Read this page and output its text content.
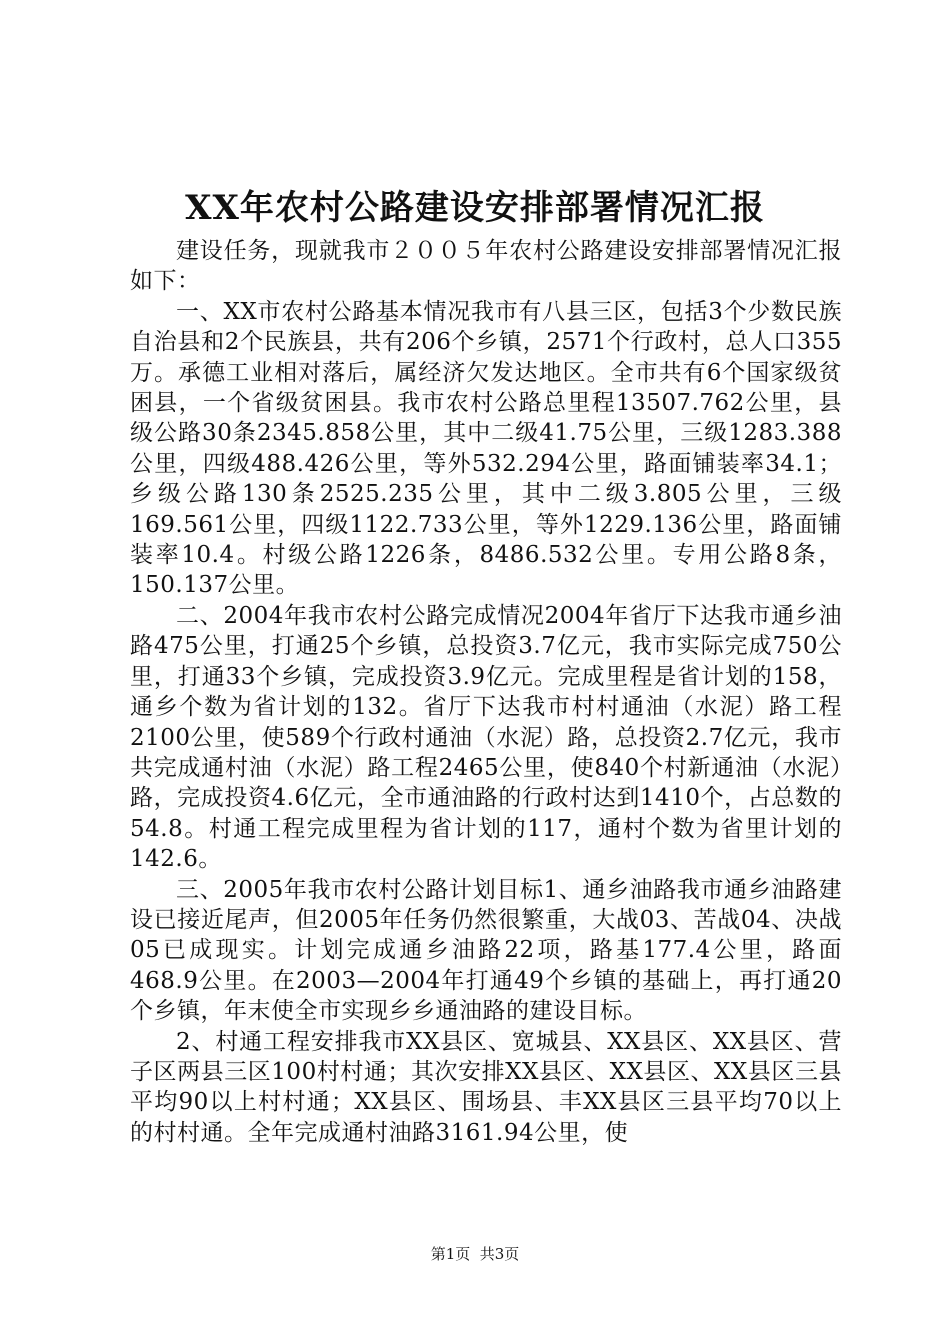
XX年农村公路建设安排部署情况汇报

建设任务，现就我市２００５年农村公路建设安排部署情况汇报如下：

一、XX市农村公路基本情况我市有八县三区，包括3个少数民族自治县和2个民族县，共有206个乡镇，2571个行政村，总人口355万。承德工业相对落后，属经济欠发达地区。全市共有6个国家级贫困县，一个省级贫困县。我市农村公路总里程13507.762公里，县级公路30条2345.858公里，其中二级41.75公里，三级1283.388公里，四级488.426公里，等外532.294公里，路面铺装率34.1；乡级公路130条2525.235公里，其中二级3.805公里，三级169.561公里，四级1122.733公里，等外1229.136公里，路面铺装率10.4。村级公路1226条，8486.532公里。专用公路8条，150.137公里。

二、2004年我市农村公路完成情况2004年省厅下达我市通乡油路475公里，打通25个乡镇，总投资3.7亿元，我市实际完成750公里，打通33个乡镇，完成投资3.9亿元。完成里程是省计划的158，通乡个数为省计划的132。省厅下达我市村村通油（水泥）路工程2100公里，使589个行政村通油（水泥）路，总投资2.7亿元，我市共完成通村油（水泥）路工程2465公里，使840个村新通油（水泥）路，完成投资4.6亿元，全市通油路的行政村达到1410个，占总数的54.8。村通工程完成里程为省计划的117，通村个数为省里计划的142.6。

三、2005年我市农村公路计划目标1、通乡油路我市通乡油路建设已接近尾声，但2005年任务仍然很繁重，大战03、苦战04、决战05已成现实。计划完成通乡油路22项，路基177.4公里，路面468.9公里。在2003—2004年打通49个乡镇的基础上，再打通20个乡镇，年末使全市实现乡乡通油路的建设目标。

2、村通工程安排我市XX县区、宽城县、XX县区、XX县区、营子区两县三区100村村通；其次安排XX县区、XX县区、XX县区三县平均90以上村村通；XX县区、围场县、丰XX县区三县平均70以上的村村通。全年完成通村油路3161.94公里，使

第1页  共3页
